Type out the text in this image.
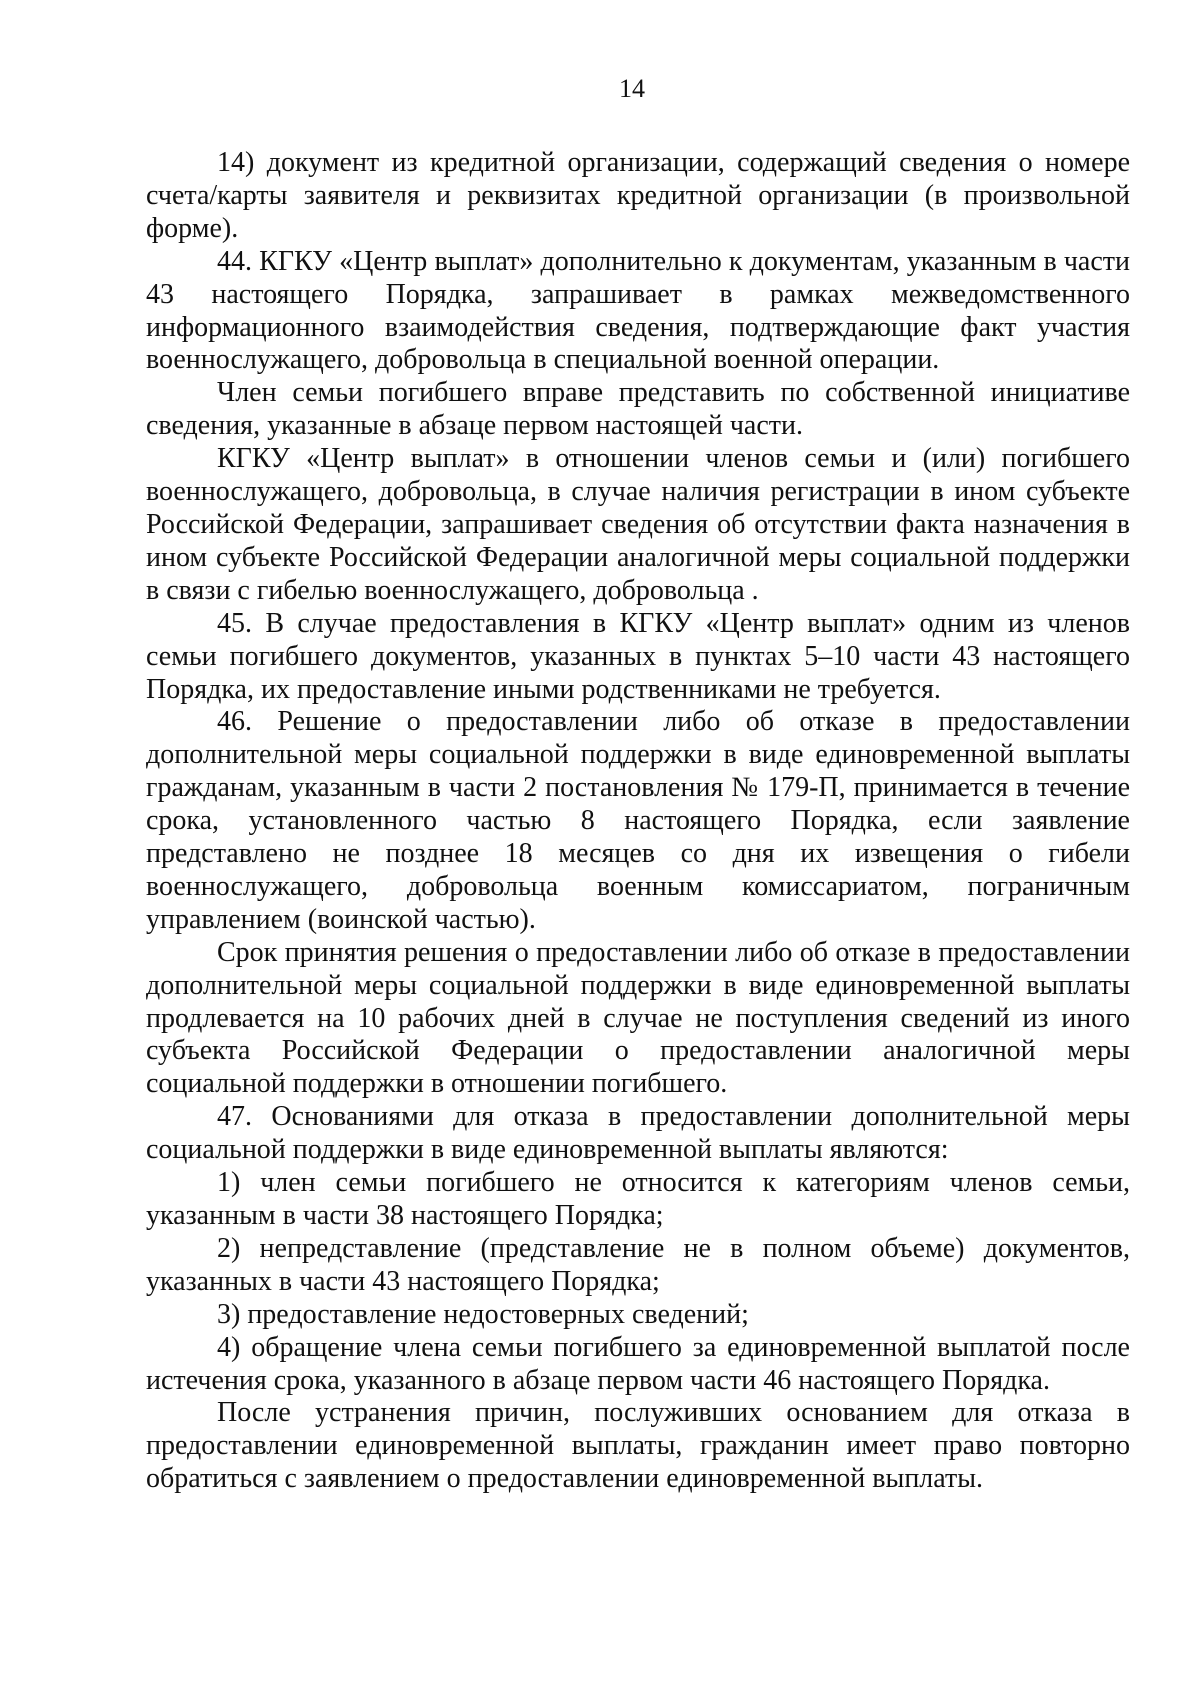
14

14) документ из кредитной организации, содержащий сведения о номере счета/карты заявителя и реквизитах кредитной организации (в произвольной форме).

44. КГКУ «Центр выплат» дополнительно к документам, указанным в части 43 настоящего Порядка, запрашивает в рамках межведомственного информационного взаимодействия сведения, подтверждающие факт участия военнослужащего, добровольца в специальной военной операции.

Член семьи погибшего вправе представить по собственной инициативе сведения, указанные в абзаце первом настоящей части.

КГКУ «Центр выплат» в отношении членов семьи и (или) погибшего военнослужащего, добровольца, в случае наличия регистрации в ином субъекте Российской Федерации, запрашивает сведения об отсутствии факта назначения в ином субъекте Российской Федерации аналогичной меры социальной поддержки в связи с гибелью военнослужащего, добровольца .

45. В случае предоставления в КГКУ «Центр выплат» одним из членов семьи погибшего документов, указанных в пунктах 5–10 части 43 настоящего Порядка, их предоставление иными родственниками не требуется.

46. Решение о предоставлении либо об отказе в предоставлении дополнительной меры социальной поддержки в виде единовременной выплаты гражданам, указанным в части 2 постановления № 179-П, принимается в течение срока, установленного частью 8 настоящего Порядка, если заявление представлено не позднее 18 месяцев со дня их извещения о гибели военнослужащего, добровольца военным комиссариатом, пограничным управлением (воинской частью).

Срок принятия решения о предоставлении либо об отказе в предоставлении дополнительной меры социальной поддержки в виде единовременной выплаты продлевается на 10 рабочих дней в случае не поступления сведений из иного субъекта Российской Федерации о предоставлении аналогичной меры социальной поддержки в отношении погибшего.

47. Основаниями для отказа в предоставлении дополнительной меры социальной поддержки в виде единовременной выплаты являются:

1) член семьи погибшего не относится к категориям членов семьи, указанным в части 38 настоящего Порядка;

2) непредставление (представление не в полном объеме) документов, указанных в части 43 настоящего Порядка;

3) предоставление недостоверных сведений;

4) обращение члена семьи погибшего за единовременной выплатой после истечения срока, указанного в абзаце первом части 46 настоящего Порядка.

После устранения причин, послуживших основанием для отказа в предоставлении единовременной выплаты, гражданин имеет право повторно обратиться с заявлением о предоставлении единовременной выплаты.
